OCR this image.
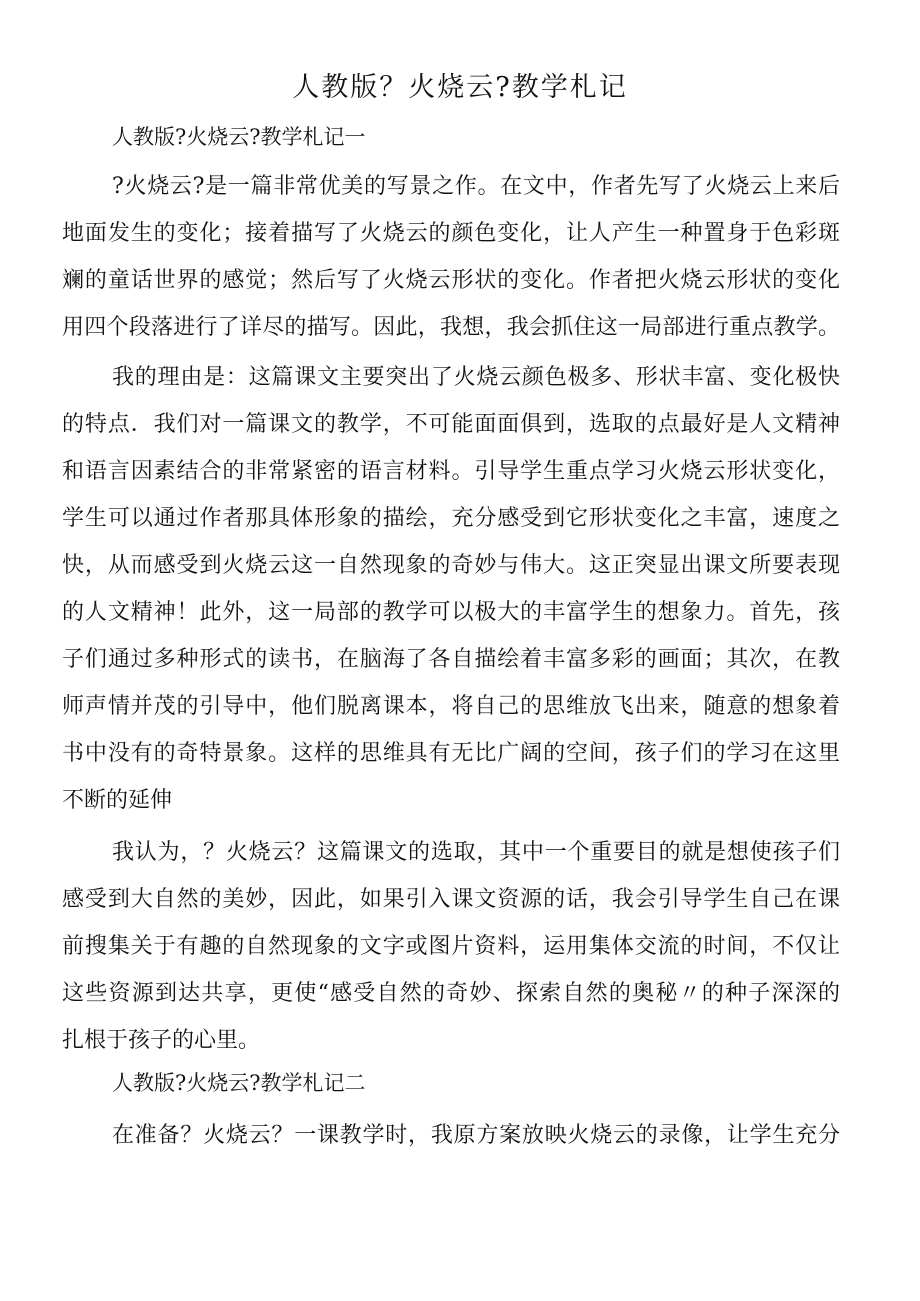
人教版？火烧云?教学札记
人教版?火烧云?教学札记一
?火烧云?是一篇非常优美的写景之作。在文中，作者先写了火烧云上来后
地面发生的变化；接着描写了火烧云的颜色变化，让人产生一种置身于色彩斑
斓的童话世界的感觉；然后写了火烧云形状的变化。作者把火烧云形状的变化
用四个段落进行了详尽的描写。因此，我想，我会抓住这一局部进行重点教学。
我的理由是：这篇课文主要突出了火烧云颜色极多、形状丰富、变化极快
的特点．我们对一篇课文的教学，不可能面面俱到，选取的点最好是人文精神
和语言因素结合的非常紧密的语言材料。引导学生重点学习火烧云形状变化，
学生可以通过作者那具体形象的描绘，充分感受到它形状变化之丰富，速度之
快，从而感受到火烧云这一自然现象的奇妙与伟大。这正突显出课文所要表现
的人文精神！此外，这一局部的教学可以极大的丰富学生的想象力。首先，孩
子们通过多种形式的读书，在脑海了各自描绘着丰富多彩的画面；其次，在教
师声情并茂的引导中，他们脱离课本，将自己的思维放飞出来，随意的想象着
书中没有的奇特景象。这样的思维具有无比广阔的空间，孩子们的学习在这里
不断的延伸
我认为，？火烧云？这篇课文的选取，其中一个重要目的就是想使孩子们
感受到大自然的美妙，因此，如果引入课文资源的话，我会引导学生自己在课
前搜集关于有趣的自然现象的文字或图片资料，运用集体交流的时间，不仅让
这些资源到达共享，更使“感受自然的奇妙、探索自然的奥秘〃的种子深深的
扎根于孩子的心里。
人教版?火烧云?教学札记二
在准备？火烧云？一课教学时，我原方案放映火烧云的录像，让学生充分
